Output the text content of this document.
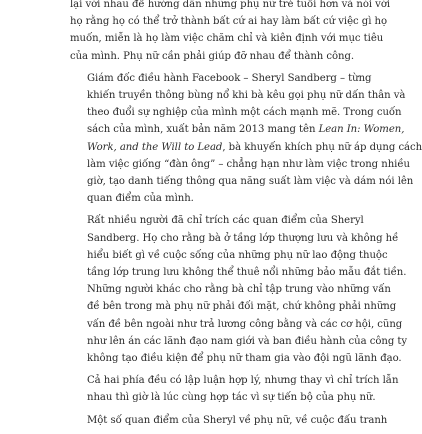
lại với nhau để hướng dẫn những phụ nữ trẻ tuổi hơn và nói với
họ rằng họ có thể trở thành bất cứ ai hay làm bất cứ việc gì họ
muốn, miễn là họ làm việc chăm chỉ và kiên định với mục tiêu
của mình. Phụ nữ cần phải giúp đỡ nhau để thành công.

Giám đốc điều hành Facebook – Sheryl Sandberg – từng
khiến truyền thông bùng nổ khi bà kêu gọi phụ nữ dấn thân và
theo đuổi sự nghiệp của mình một cách mạnh mẽ. Trong cuốn
sách của mình, xuất bản năm 2013 mang tên Lean In: Women,
Work, and the Will to Lead, bà khuyến khích phụ nữ áp dụng cách
làm việc giống “đàn ông” – chẳng hạn như làm việc trong nhiều
giờ, tạo danh tiếng thông qua năng suất làm việc và dám nói lên
quan điểm của mình.

Rất nhiều người đã chỉ trích các quan điểm của Sheryl
Sandberg. Họ cho rằng bà ở tầng lớp thượng lưu và không hề
hiểu biết gì về cuộc sống của những phụ nữ lao động thuộc
tầng lớp trung lưu không thể thuê nổi những bảo mẫu đắt tiền.
Những người khác cho rằng bà chỉ tập trung vào những vấn
đề bên trong mà phụ nữ phải đối mặt, chứ không phải những
vấn đề bên ngoài như trả lương công bằng và các cơ hội, cũng
như lên án các lãnh đạo nam giới và ban điều hành của công ty
không tạo điều kiện để phụ nữ tham gia vào đội ngũ lãnh đạo.

Cả hai phía đều có lập luận hợp lý, nhưng thay vì chỉ trích lẫn
nhau thì giờ là lúc cùng hợp tác vì sự tiến bộ của phụ nữ.

Một số quan điểm của Sheryl về phụ nữ, về cuộc đấu tranh
